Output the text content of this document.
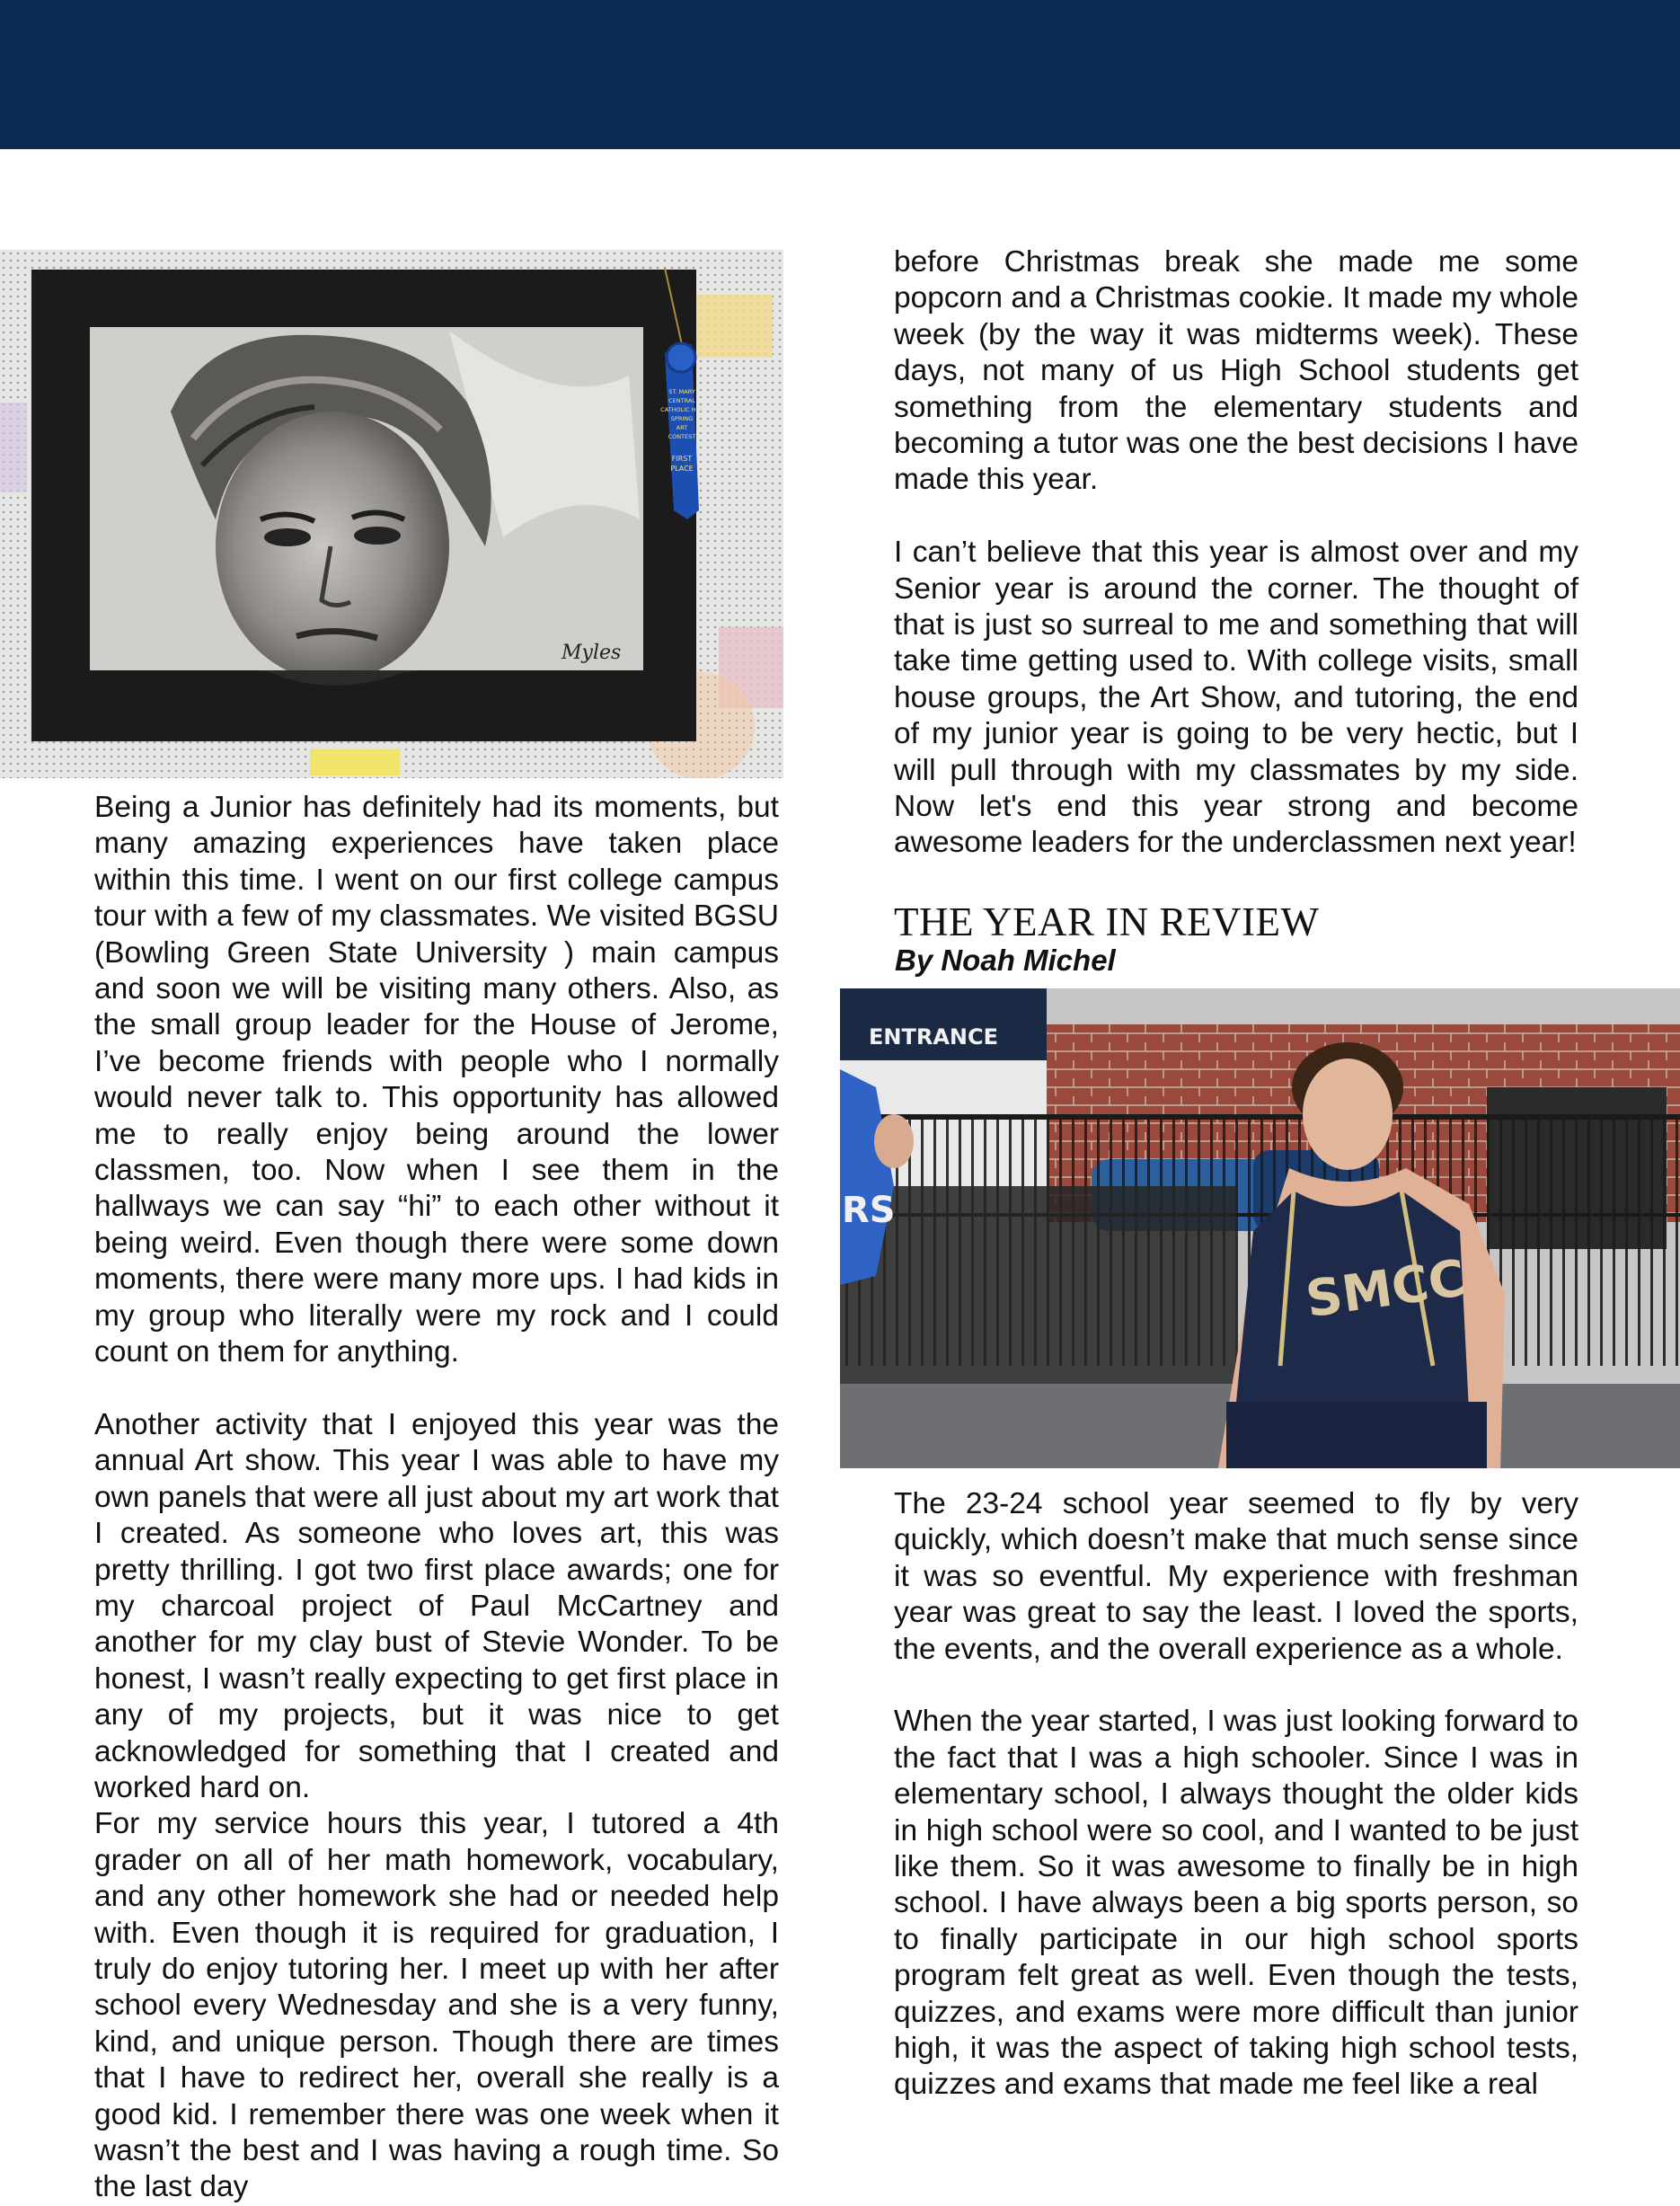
Myles
ST. MARY
CENTRAL
CATHOLIC H.S.
SPRING
ART
CONTEST
FIRST
PLACE

Being a Junior has definitely had its moments, but many amazing experiences have taken place within this time. I went on our first college campus tour with a few of my classmates. We visited BGSU (Bowling Green State University ) main campus and soon we will be visiting many others. Also, as the small group leader for the House of Jerome, I’ve become friends with people who I normally would never talk to. This opportunity has allowed me to really enjoy being around the lower classmen, too. Now when I see them in the hallways we can say “hi” to each other without it being weird. Even though there were some down moments, there were many more ups. I had kids in my group who literally were my rock and I could count on them for anything.

Another activity that I enjoyed this year was the annual Art show. This year I was able to have my own panels that were all just about my art work that I created. As someone who loves art, this was pretty thrilling. I got two first place awards; one for my charcoal project of Paul McCartney and another for my clay bust of Stevie Wonder. To be honest, I wasn’t really expecting to get first place in any of my projects, but it was nice to get acknowledged for something that I created and worked hard on.

For my service hours this year, I tutored a 4th grader on all of her math homework, vocabulary, and any other homework she had or needed help with. Even though it is required for graduation, I truly do enjoy tutoring her. I meet up with her after school every Wednesday and she is a very funny, kind, and unique person. Though there are times that I have to redirect her, overall she really is a good kid. I remember there was one week when it wasn’t the best and I was having a rough time. So the last day

before Christmas break she made me some popcorn and a Christmas cookie. It made my whole week (by the way it was midterms week). These days, not many of us High School students get something from the elementary students and becoming a tutor was one the best decisions I have made this year.

I can’t believe that this year is almost over and my Senior year is around the corner. The thought of that is just so surreal to me and something that will take time getting used to. With college visits, small house groups, the Art Show, and tutoring, the end of my junior year is going to be very hectic, but I will pull through with my classmates by my side. Now let's end this year strong and become awesome leaders for the underclassmen next year!

THE YEAR IN REVIEW
By Noah Michel
ENTRANCE
RS
SMCC

The 23-24 school year seemed to fly by very quickly, which doesn’t make that much sense since it was so eventful. My experience with freshman year was great to say the least. I loved the sports, the events, and the overall experience as a whole.

When the year started, I was just looking forward to the fact that I was a high schooler. Since I was in elementary school, I always thought the older kids in high school were so cool, and I wanted to be just like them. So it was awesome to finally be in high school. I have always been a big sports person, so to finally participate in our high school sports program felt great as well. Even though the tests, quizzes, and exams were more difficult than junior high, it was the aspect of taking high school tests, quizzes and exams that made me feel like a real
